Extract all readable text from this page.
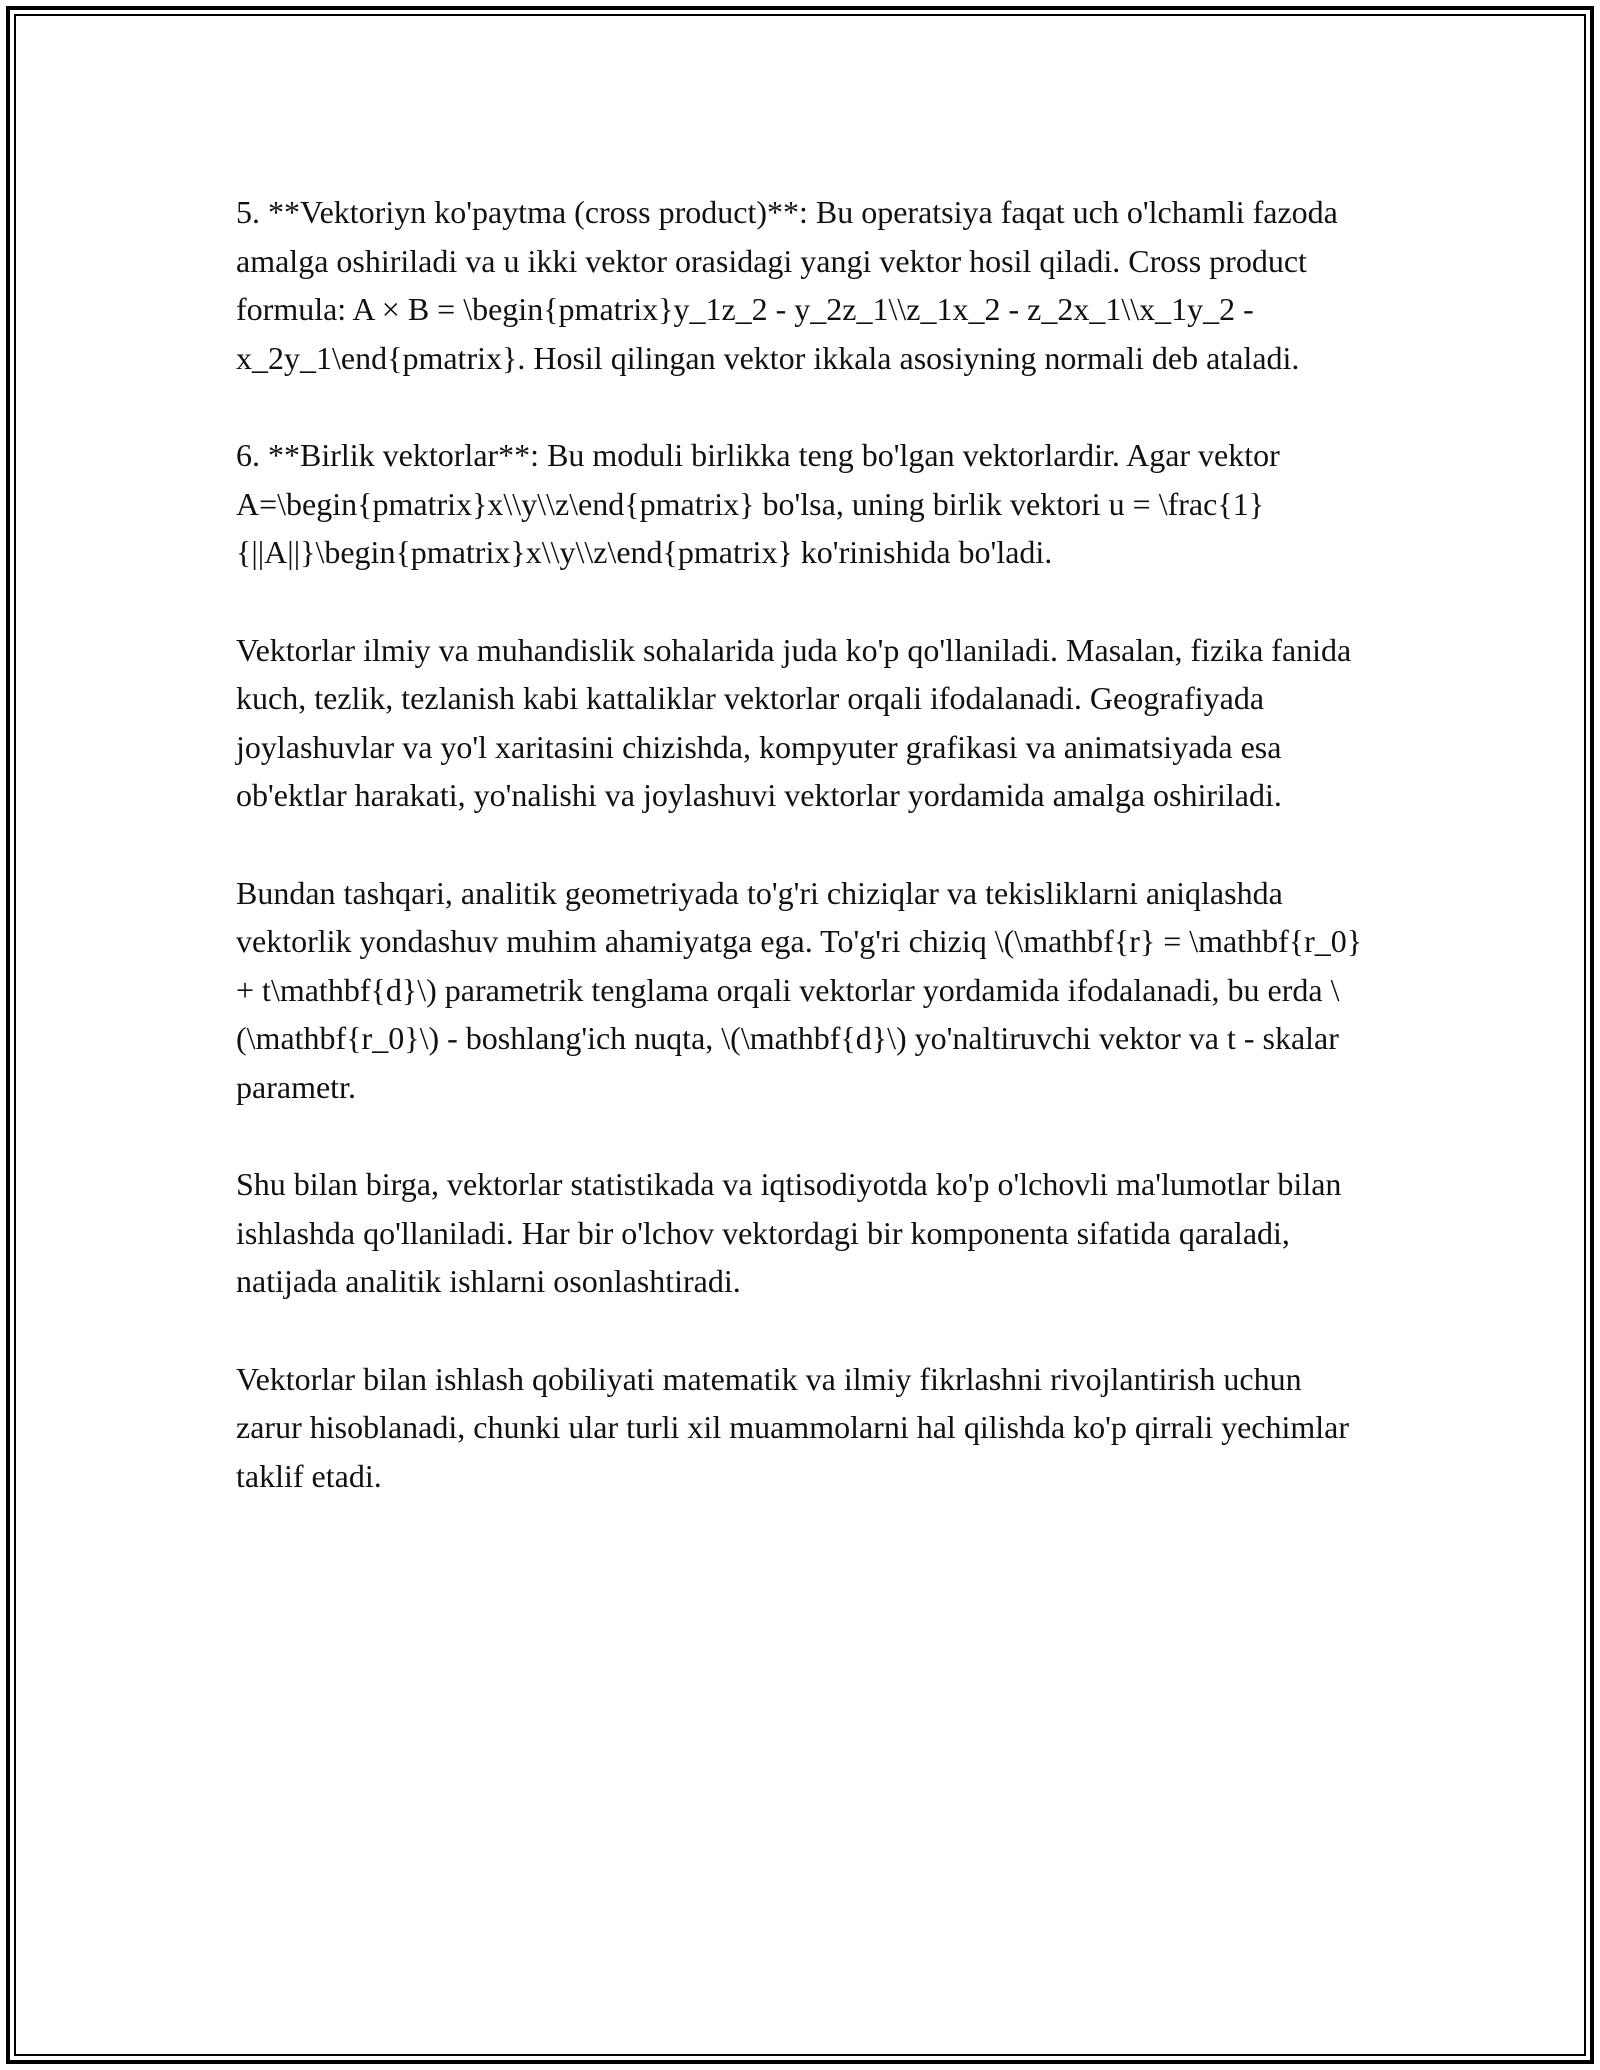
5. **Vektoriyn ko'paytma (cross product)**: Bu operatsiya faqat uch o'lchamli fazoda amalga oshiriladi va u ikki vektor orasidagi yangi vektor hosil qiladi. Cross product formula: A × B = \begin{pmatrix}y_1z_2 - y_2z_1\\z_1x_2 - z_2x_1\\x_1y_2 - x_2y_1\end{pmatrix}. Hosil qilingan vektor ikkala asosiyning normali deb ataladi.

6. **Birlik vektorlar**: Bu moduli birlikka teng bo'lgan vektorlardir. Agar vektor A=\begin{pmatrix}x\\y\\z\end{pmatrix} bo'lsa, uning birlik vektori u = \frac{1}{||A||}\begin{pmatrix}x\\y\\z\end{pmatrix} ko'rinishida bo'ladi.

Vektorlar ilmiy va muhandislik sohalarida juda ko'p qo'llaniladi. Masalan, fizika fanida kuch, tezlik, tezlanish kabi kattaliklar vektorlar orqali ifodalanadi. Geografiyada joylashuvlar va yo'l xaritasini chizishda, kompyuter grafikasi va animatsiyada esa ob'ektlar harakati, yo'nalishi va joylashuvi vektorlar yordamida amalga oshiriladi.

Bundan tashqari, analitik geometriyada to'g'ri chiziqlar va tekisliklarni aniqlashda vektorlik yondashuv muhim ahamiyatga ega. To'g'ri chiziq \(\mathbf{r} = \mathbf{r_0} + t\mathbf{d}\) parametrik tenglama orqali vektorlar yordamida ifodalanadi, bu erda \(\mathbf{r_0}\) - boshlang'ich nuqta, \(\mathbf{d}\) yo'naltiruvchi vektor va t - skalar parametr.

Shu bilan birga, vektorlar statistikada va iqtisodiyotda ko'p o'lchovli ma'lumotlar bilan ishlashda qo'llaniladi. Har bir o'lchov vektordagi bir komponenta sifatida qaraladi, natijada analitik ishlarni osonlashtiradi.

Vektorlar bilan ishlash qobiliyati matematik va ilmiy fikrlashni rivojlantirish uchun zarur hisoblanadi, chunki ular turli xil muammolarni hal qilishda ko'p qirrali yechimlar taklif etadi.
